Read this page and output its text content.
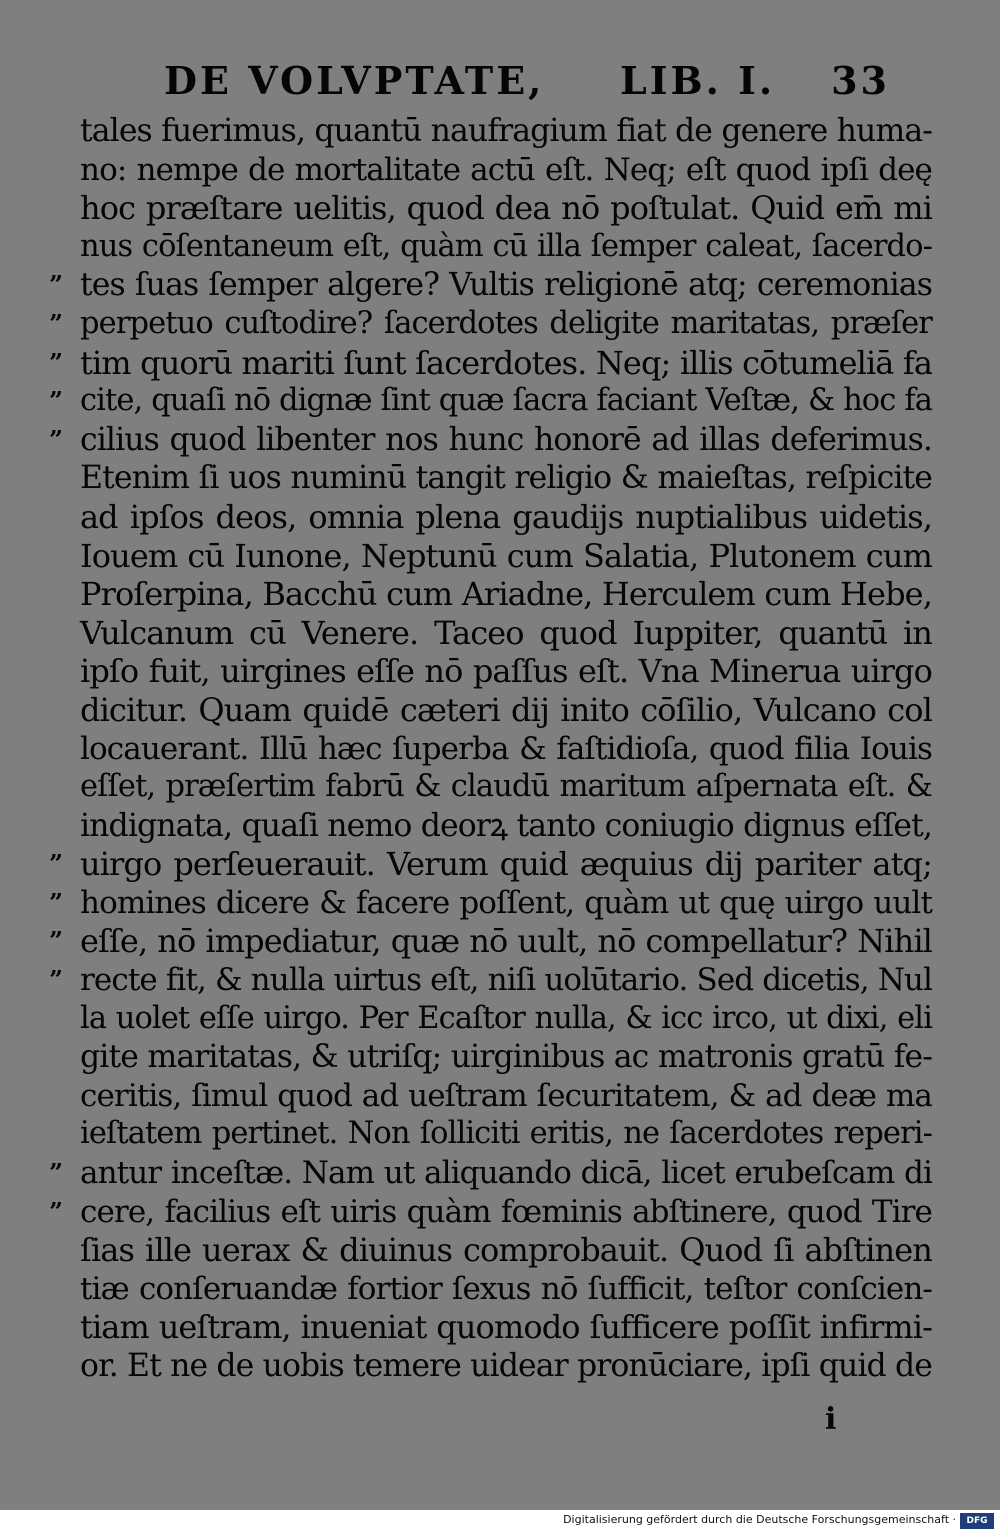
DE VOLVPTATE, LIB. I. 33
”
”
”
”
”
”
”
”
”
”
”
tales fuerimus, quantū naufragium fiat de genere huma-
no: nempe de mortalitate actū eſt. Neq; eſt quod ipſi deę
hoc præſtare uelitis, quod dea nō poſtulat. Quid em̄ mi
nus cōſentaneum eſt, quàm cū illa ſemper caleat, ſacerdo-
tes ſuas ſemper algere? Vultis religionē atq; ceremonias
perpetuo cuſtodire? ſacerdotes deligite maritatas, præſer
tim quorū mariti ſunt ſacerdotes. Neq; illis cōtumeliā fa
cite, quaſi nō dignæ ſint quæ ſacra faciant Veſtæ, & hoc fa
cilius quod libenter nos hunc honorē ad illas deferimus.
Etenim ſi uos numinū tangit religio & maieſtas, reſpicite
ad ipſos deos, omnia plena gaudijs nuptialibus uidetis,
Iouem cū Iunone, Neptunū cum Salatia, Plutonem cum
Proſerpina, Bacchū cum Ariadne, Herculem cum Hebe,
Vulcanum cū Venere. Taceo quod Iuppiter, quantū in
ipſo fuit, uirgines eſſe nō paſſus eſt. Vna Minerua uirgo
dicitur. Quam quidē cæteri dij inito cōſilio, Vulcano col
locauerant. Illū hæc ſuperba & faſtidioſa, quod filia Iouis
eſſet, præſertim fabrū & claudū maritum aſpernata eſt. &
indignata, quaſi nemo deorꝝ tanto coniugio dignus eſſet,
uirgo perſeuerauit. Verum quid æquius dij pariter atq;
homines dicere & facere poſſent, quàm ut quę uirgo uult
eſſe, nō impediatur, quæ nō uult, nō compellatur? Nihil
recte fit, & nulla uirtus eſt, niſi uolūtario. Sed dicetis, Nul
la uolet eſſe uirgo. Per Ecaſtor nulla, & icc irco, ut dixi, eli
gite maritatas, & utriſq; uirginibus ac matronis gratū fe-
ceritis, ſimul quod ad ueſtram ſecuritatem, & ad deæ ma
ieſtatem pertinet. Non ſolliciti eritis, ne ſacerdotes reperi-
antur inceſtæ. Nam ut aliquando dicā, licet erubeſcam di
cere, facilius eſt uiris quàm fœminis abſtinere, quod Tire
ſias ille uerax & diuinus comprobauit. Quod ſi abſtinen
tiæ conſeruandæ fortior ſexus nō ſufficit, teſtor conſcien-
tiam ueſtram, inueniat quomodo ſufficere poſſit infirmi-
or. Et ne de uobis temere uidear pronūciare, ipſi quid de
i
Digitalisierung gefördert durch die Deutsche Forschungsgemeinschaft ·	DFG
